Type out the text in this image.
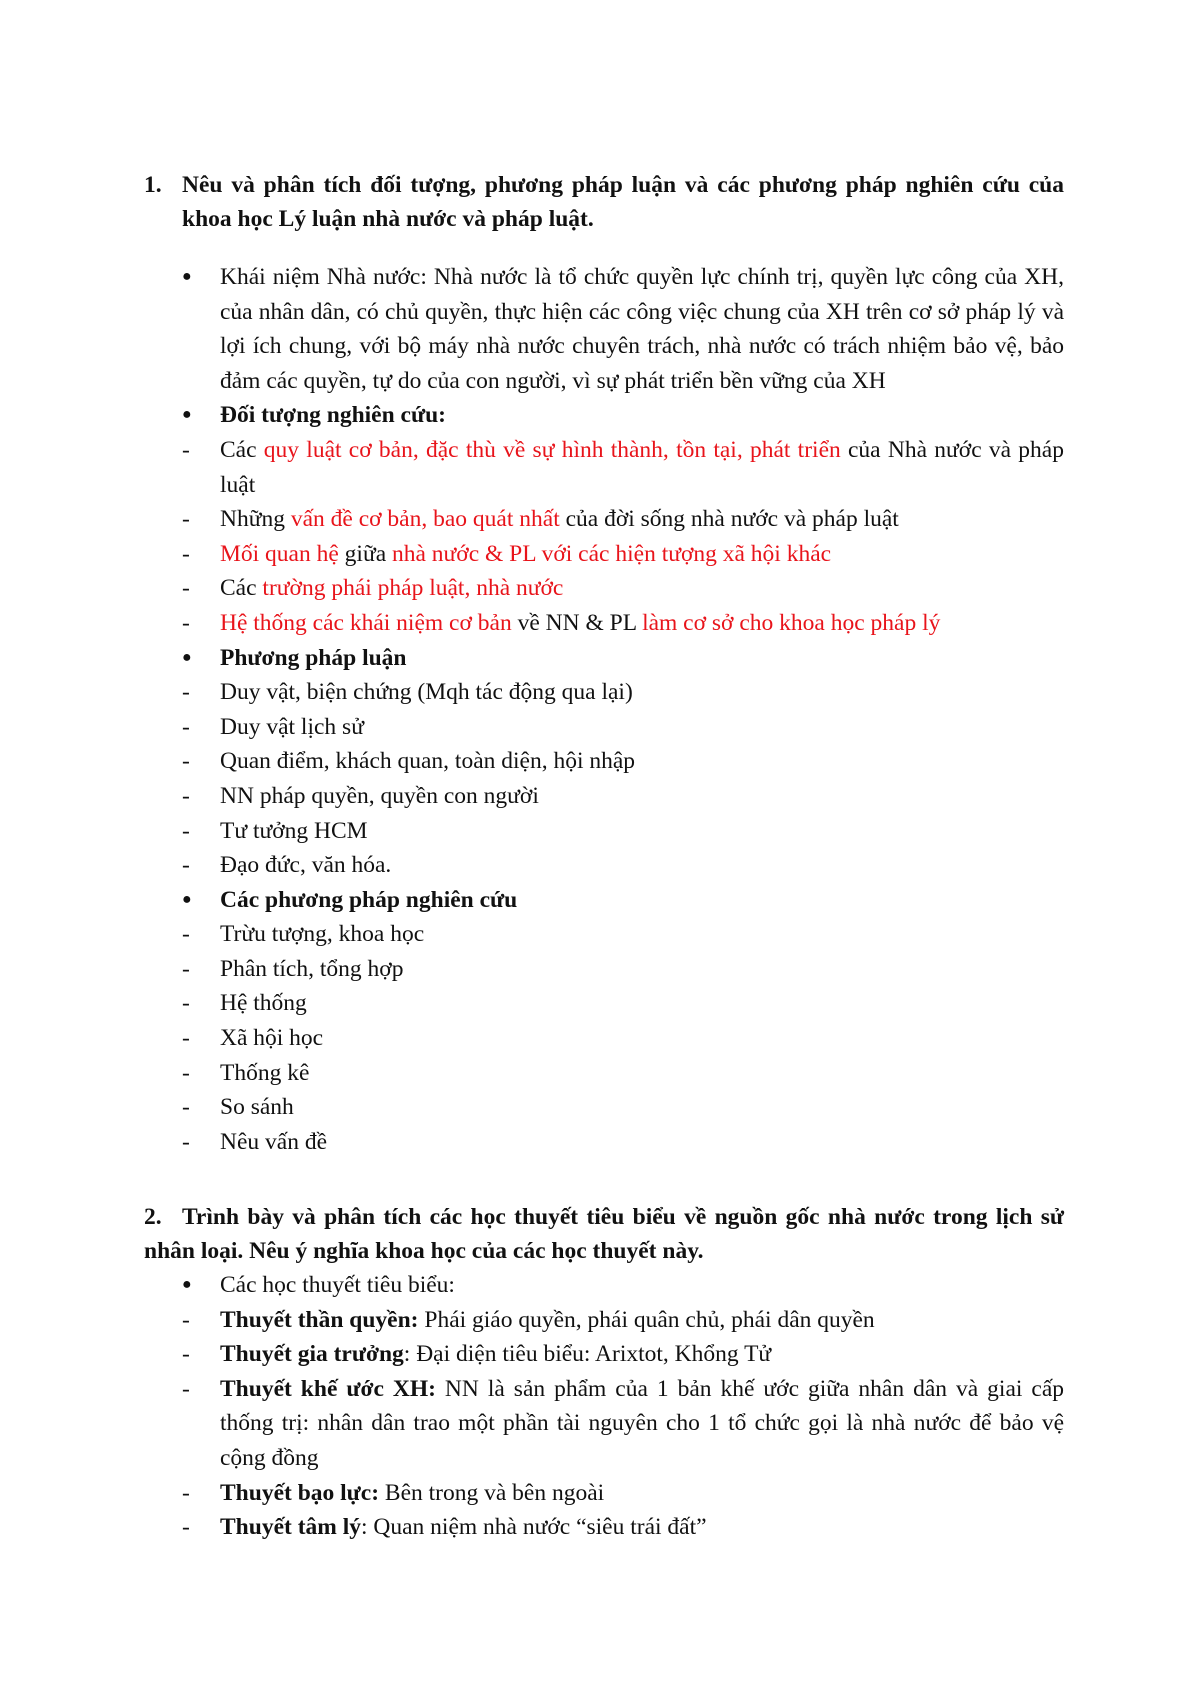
1. Nêu và phân tích đối tượng, phương pháp luận và các phương pháp nghiên cứu của khoa học Lý luận nhà nước và pháp luật.
●
Khái niệm Nhà nước: Nhà nước là tổ chức quyền lực chính trị, quyền lực công của XH, của nhân dân, có chủ quyền, thực hiện các công việc chung của XH trên cơ sở pháp lý và lợi ích chung, với bộ máy nhà nước chuyên trách, nhà nước có trách nhiệm bảo vệ, bảo đảm các quyền, tự do của con người, vì sự phát triển bền vững của XH
●
Đối tượng nghiên cứu:
-
Các quy luật cơ bản, đặc thù về sự hình thành, tồn tại, phát triển của Nhà nước và pháp luật
-
Những vấn đề cơ bản, bao quát nhất của đời sống nhà nước và pháp luật
-
Mối quan hệ giữa nhà nước & PL với các hiện tượng xã hội khác
-
Các trường phái pháp luật, nhà nước
-
Hệ thống các khái niệm cơ bản về NN & PL làm cơ sở cho khoa học pháp lý
●
Phương pháp luận
-
Duy vật, biện chứng (Mqh tác động qua lại)
-
Duy vật lịch sử
-
Quan điểm, khách quan, toàn diện, hội nhập
-
NN pháp quyền, quyền con người
-
Tư tưởng HCM
-
Đạo đức, văn hóa.
●
Các phương pháp nghiên cứu
-
Trừu tượng, khoa học
-
Phân tích, tổng hợp
-
Hệ thống
-
Xã hội học
-
Thống kê
-
So sánh
-
Nêu vấn đề
2. Trình bày và phân tích các học thuyết tiêu biểu về nguồn gốc nhà nước trong lịch sử nhân loại. Nêu ý nghĩa khoa học của các học thuyết này.
●
Các học thuyết tiêu biểu:
-
Thuyết thần quyền: Phái giáo quyền, phái quân chủ, phái dân quyền
-
Thuyết gia trưởng: Đại diện tiêu biểu: Arixtot, Khổng Tử
-
Thuyết khế ước XH: NN là sản phẩm của 1 bản khế ước giữa nhân dân và giai cấp thống trị: nhân dân trao một phần tài nguyên cho 1 tổ chức gọi là nhà nước để bảo vệ cộng đồng
-
Thuyết bạo lực: Bên trong và bên ngoài
-
Thuyết tâm lý: Quan niệm nhà nước “siêu trái đất”
